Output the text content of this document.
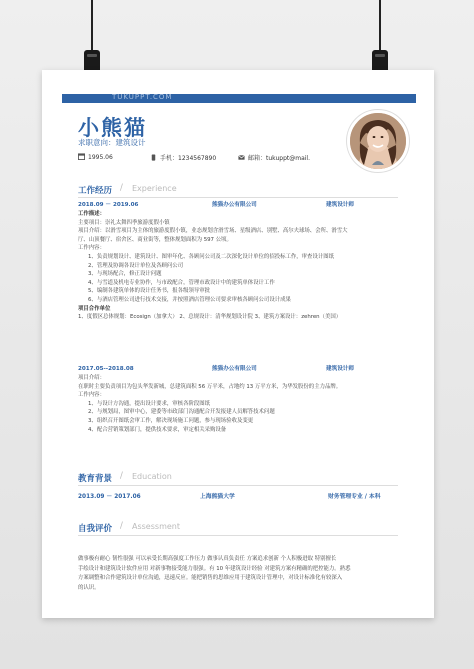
TUKUPPT.COM
小熊猫
求职意向：建筑设计
1995.06	手机：1234567890	邮箱：tukuppt@mail.
工作经历 / Experience
2018.09 － 2019.06	熊猫办公有限公司	建筑设计师
工作描述：
主要项目：崇礼太舞四季旅游度假小镇
项目介绍：以滑雪项目为主体的旅游度假小镇，业态规划含滑雪场、星级酒店、别墅、高尔夫球场、会所、滑雪大
厅、山顶餐厅、宿舍区、商业街等，整体规划面积为 597 公顷。
工作内容：
1、负责规划设计、建筑设计、图审年化、各顾问公司及二次深化设计单位的招投标工作，审查设计图纸
2、管理及协调各设计单位及各顾问公司
3、与现场配合，修正设计问题
4、与雪道及机电专业协作，与市政配合，管理市政设计中的建筑单体设计工作
5、编制各建筑单体的设计任务书，报各级领导审批
6、与酒店管理公司进行技术交接，并按照酒店管理公司要求审核各顾问公司设计成果
项目合作单位
1、度假区总体规划：Ecosign（加拿大） 2、总规设计：清华规划设计院 3、建筑方案设计：zehren（美国）
2017.05--2018.08	熊猫办公有限公司	建筑设计师
项目介绍：
在职时主要负责项目为包头华发新城，总建筑面积 56 万平米，占地约 13 万平方米，为华发股份的主力品牌。
工作内容：
1、与设计方沟通，提出设计要求，审核各阶段图纸
2、与规划局，图审中心，建委等市政部门沟通配合开发报建人员解答技术问题
3、组织召开图纸会审工作，解决现场施工问题，参与现场验收及变更
4、配合营销策划部门，提供技术要求，审定相关采购设备
教育背景 / Education
2013.09 － 2017.06	上海熊猫大学	财务管理专业 / 本科
自我评价 / Assessment
做事极有耐心 韧性很强 可以承受长期高强度工作压力 做事认真负责任 方案追求创新 个人积极进取 特别擅长
手绘设计和建筑设计软件应用 对新事物接受能力很强。有 10 年建筑设计经验 对建筑方案有精确的把控能力。熟悉
方案调整和合作建筑设计单位沟通，迅速反应。能把销售的思维应用于建筑设计管理中，对设计标准化有较深入
的认识。
